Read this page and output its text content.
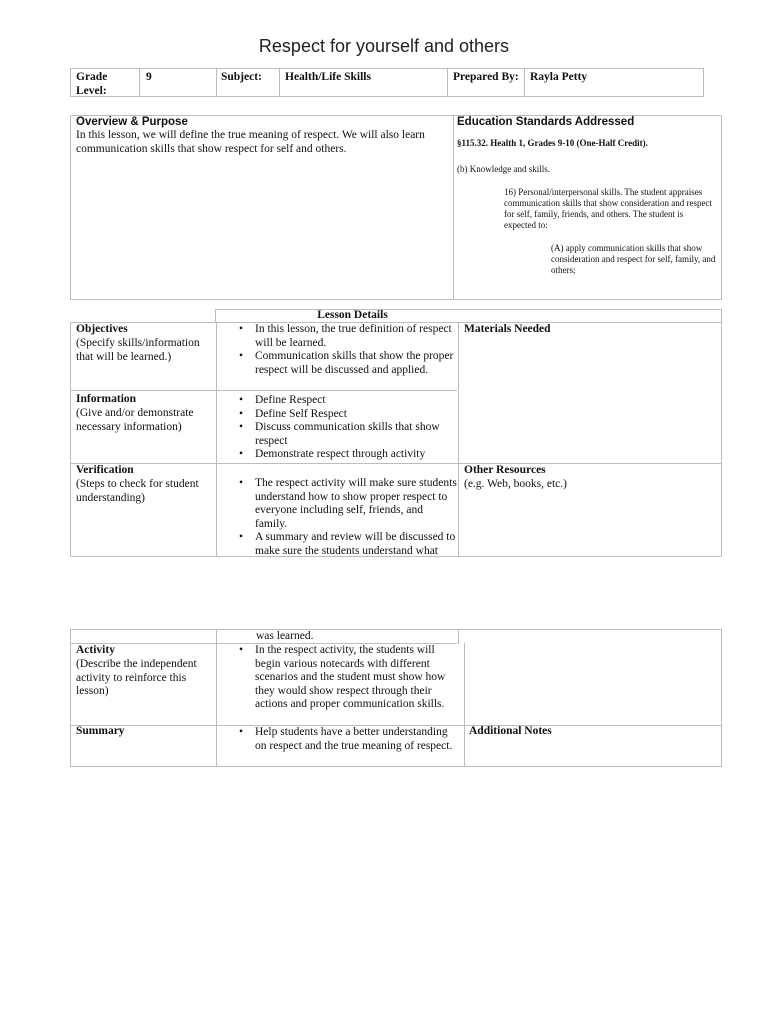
Respect for yourself and others
Grade Level:
9	Subject: Health/Life Skills	Prepared By: Rayla Petty
Overview & Purpose
In this lesson, we will define the true meaning of respect. We will also learn communication skills that show respect for self and others.
Education Standards Addressed
§115.32. Health 1, Grades 9-10 (One-Half Credit).
(b) Knowledge and skills.
16) Personal/interpersonal skills. The student appraises communication skills that show consideration and respect for self, family, friends, and others. The student is expected to:
(A) apply communication skills that show consideration and respect for self, family, and others;
Lesson Details
Objectives
(Specify skills/information that will be learned.)
• In this lesson, the true definition of respect will be learned.
• Communication skills that show the proper respect will be discussed and applied.
Materials Needed
Information
(Give and/or demonstrate necessary information)
• Define Respect
• Define Self Respect
• Discuss communication skills that show respect
• Demonstrate respect through activity
Verification
(Steps to check for student understanding)
• The respect activity will make sure students understand how to show proper respect to everyone including self, friends, and family.
• A summary and review will be discussed to make sure the students understand what
Other Resources
(e.g. Web, books, etc.)
was learned.
Activity
(Describe the independent activity to reinforce this lesson)
• In the respect activity, the students will begin various notecards with different scenarios and the student must show how they would show respect through their actions and proper communication skills.
Summary
•	Help students have a better understanding on respect and the true meaning of respect.
Additional Notes
